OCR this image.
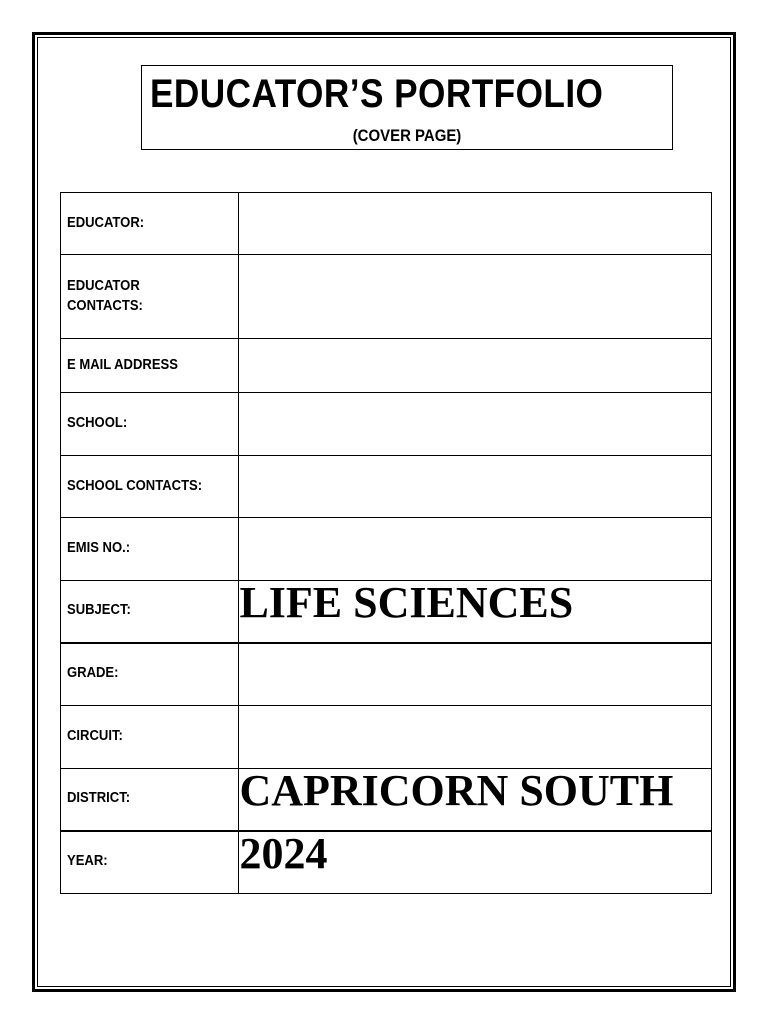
EDUCATOR’S PORTFOLIO
(COVER PAGE)
EDUCATOR:	
EDUCATOR
CONTACTS:	
E MAIL ADDRESS	
SCHOOL:	
SCHOOL CONTACTS:	
EMIS NO.:	
SUBJECT:	LIFE SCIENCES
GRADE:	
CIRCUIT:	
DISTRICT:	CAPRICORN SOUTH
YEAR:	2024
